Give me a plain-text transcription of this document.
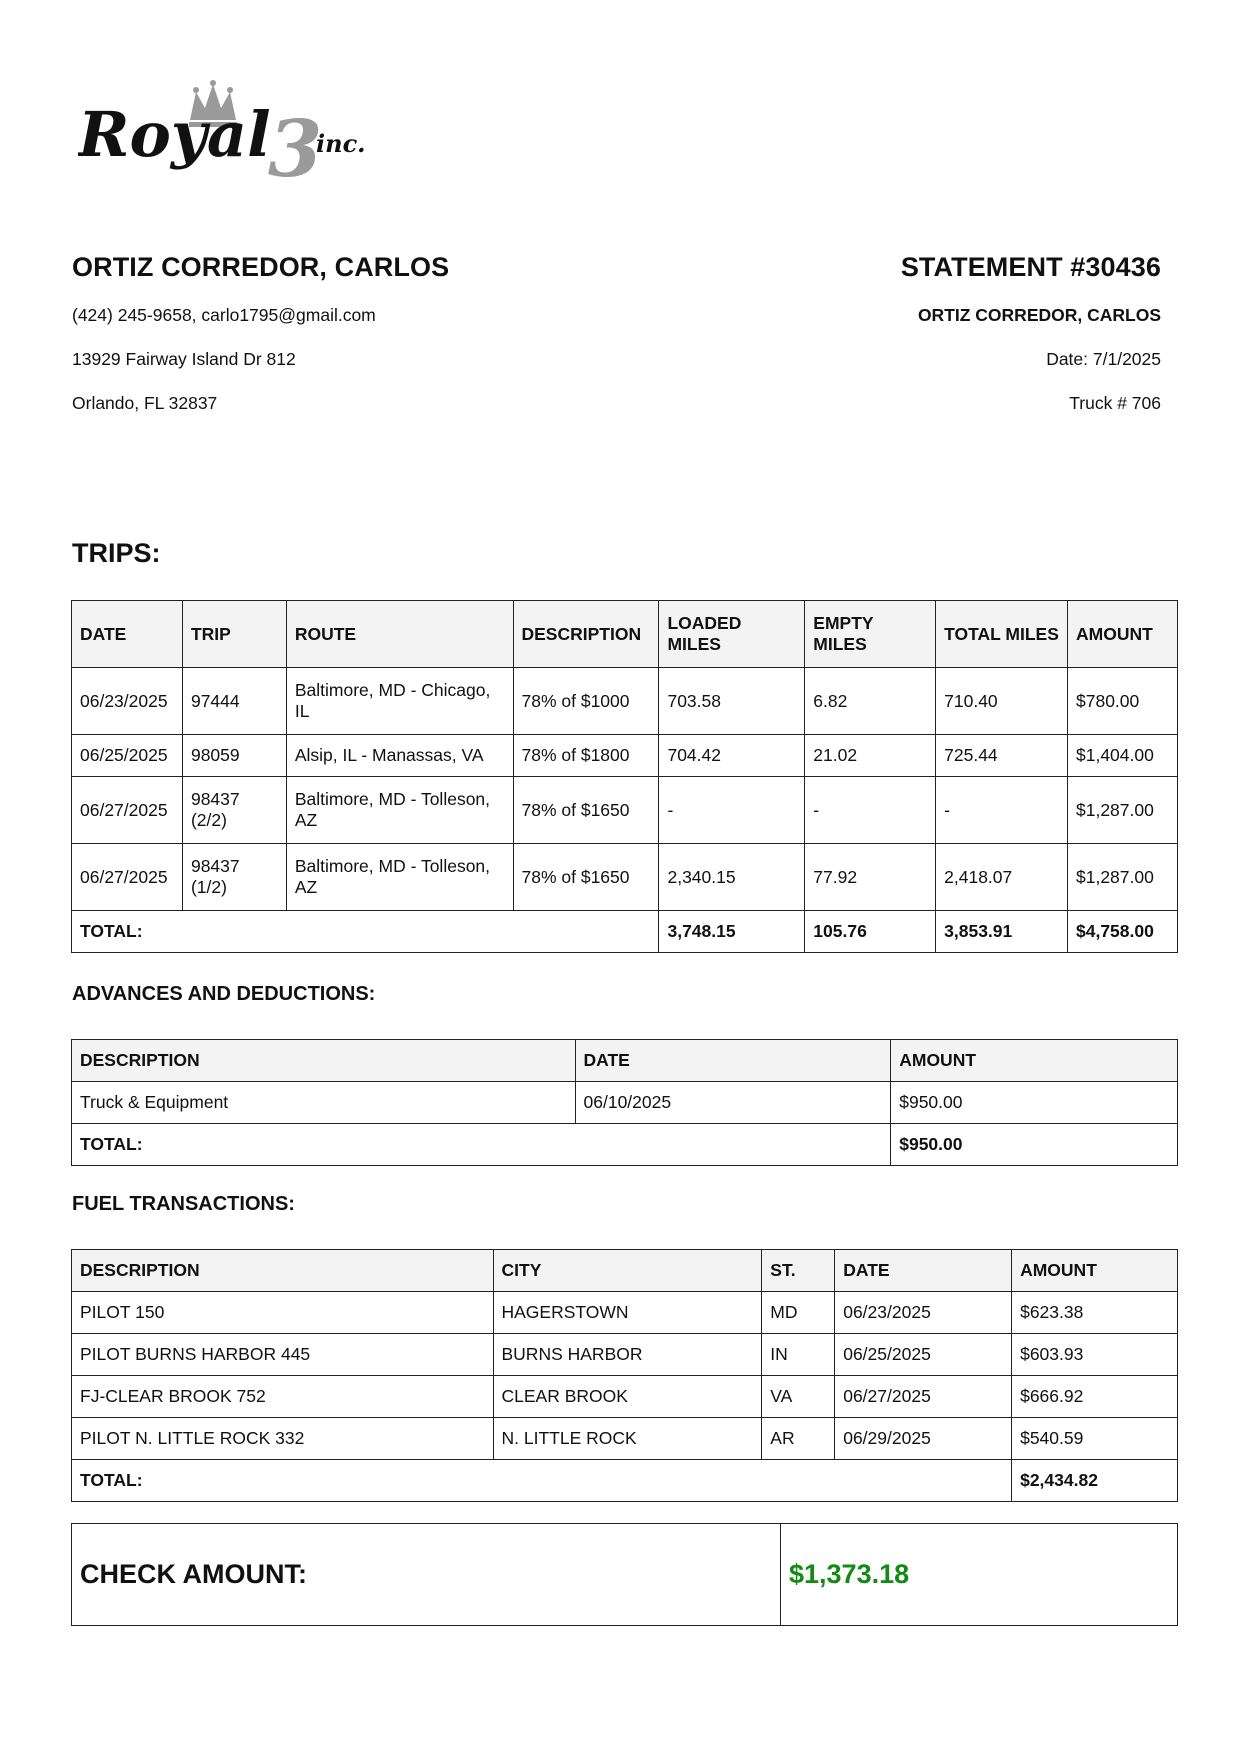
Royal
3
inc.
ORTIZ CORREDOR, CARLOS
(424) 245-9658, carlo1795@gmail.com
13929 Fairway Island Dr 812
Orlando, FL 32837
STATEMENT #30436
ORTIZ CORREDOR, CARLOS
Date: 7/1/2025
Truck # 706
TRIPS:
DATE	TRIP	ROUTE	DESCRIPTION	LOADED MILES	EMPTY MILES	TOTAL MILES	AMOUNT
06/23/2025	97444	Baltimore, MD - Chicago, IL	78% of $1000	703.58	6.82	710.40	$780.00
06/25/2025	98059	Alsip, IL - Manassas, VA	78% of $1800	704.42	21.02	725.44	$1,404.00
06/27/2025	98437 (2/2)	Baltimore, MD - Tolleson, AZ	78% of $1650	-	-	-	$1,287.00
06/27/2025	98437 (1/2)	Baltimore, MD - Tolleson, AZ	78% of $1650	2,340.15	77.92	2,418.07	$1,287.00
TOTAL:				3,748.15	105.76	3,853.91	$4,758.00
ADVANCES AND DEDUCTIONS:
DESCRIPTION	DATE	AMOUNT
Truck & Equipment	06/10/2025	$950.00
TOTAL:		$950.00
FUEL TRANSACTIONS:
DESCRIPTION	CITY	ST.	DATE	AMOUNT
PILOT 150	HAGERSTOWN	MD	06/23/2025	$623.38
PILOT BURNS HARBOR 445	BURNS HARBOR	IN	06/25/2025	$603.93
FJ-CLEAR BROOK 752	CLEAR BROOK	VA	06/27/2025	$666.92
PILOT N. LITTLE ROCK 332	N. LITTLE ROCK	AR	06/29/2025	$540.59
TOTAL:				$2,434.82
CHECK AMOUNT:	$1,373.18
